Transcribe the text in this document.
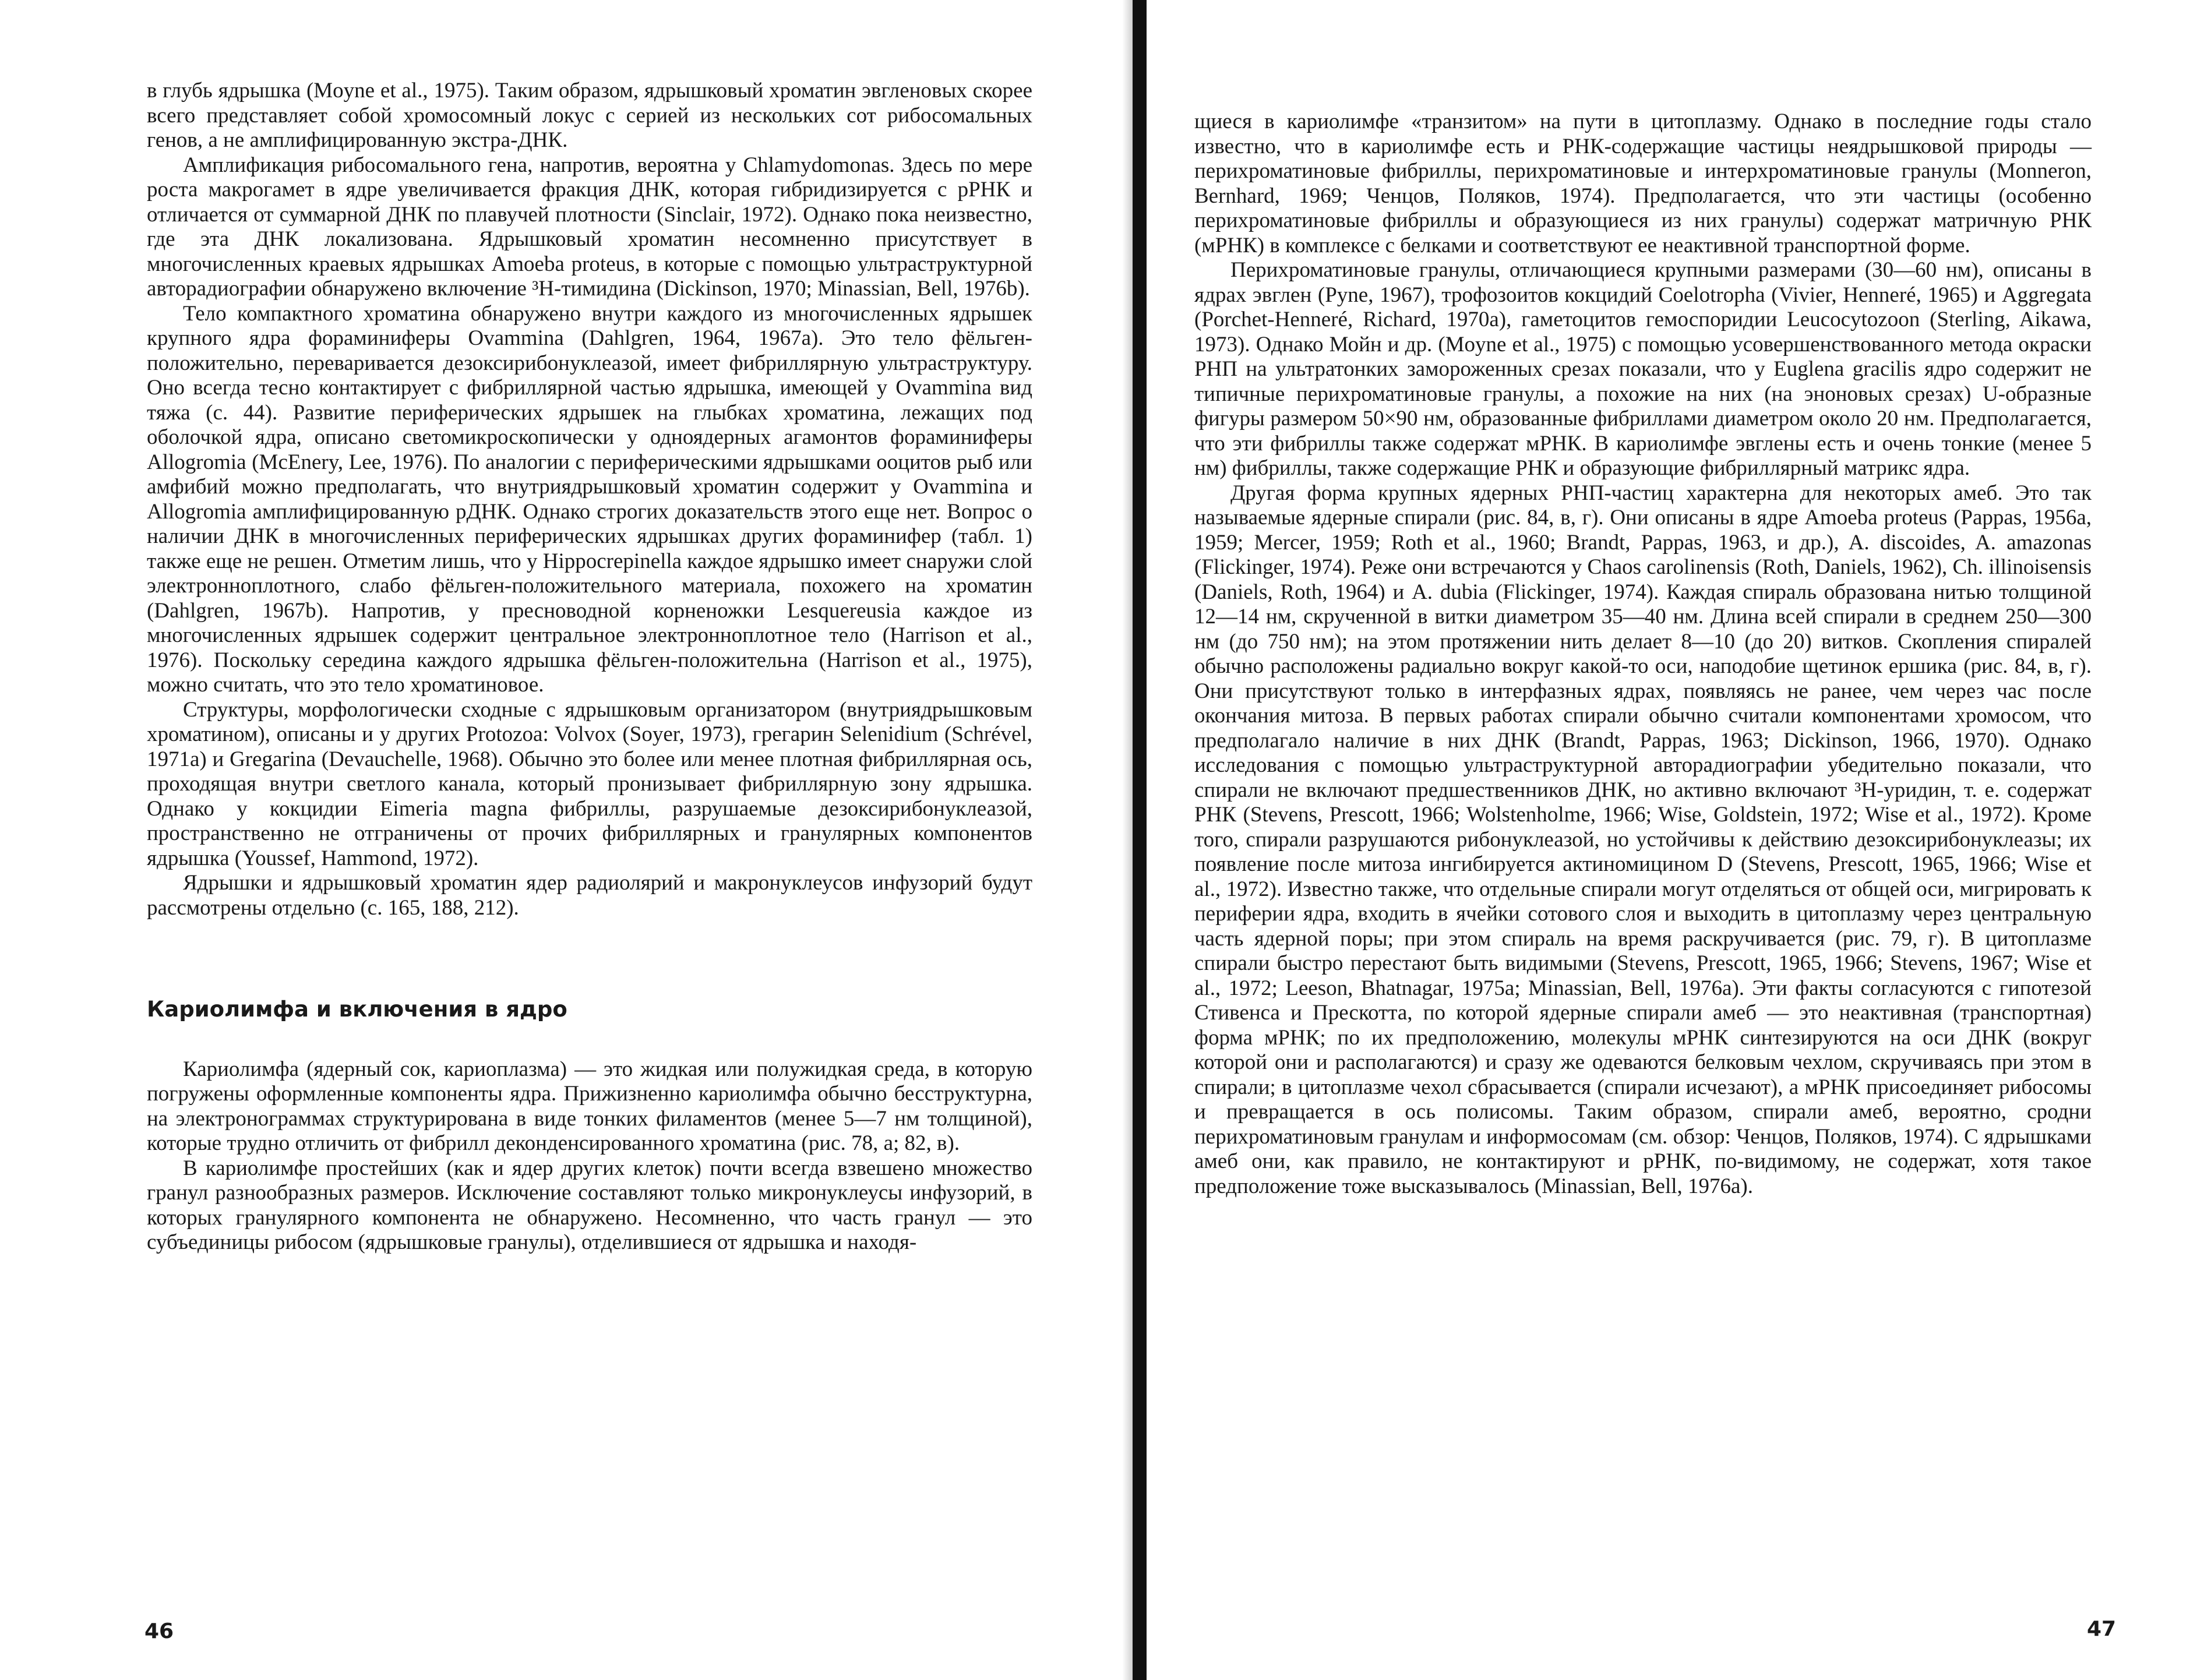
в глубь ядрышка (Moyne et al., 1975). Таким образом, ядрышковый хроматин эвгленовых скорее всего представляет собой хромосомный локус с серией из нескольких сот рибосомальных генов, а не амплифицированную экстра-ДНК.

Амплификация рибосомального гена, напротив, вероятна у Chlamydomonas. Здесь по мере роста макрогамет в ядре увеличивается фракция ДНК, которая гибридизируется с рРНК и отличается от суммарной ДНК по плавучей плотности (Sinclair, 1972). Однако пока неизвестно, где эта ДНК локализована. Ядрышковый хроматин несомненно присутствует в многочисленных краевых ядрышках Amoeba proteus, в которые с помощью ультраструктурной авторадиографии обнаружено включение ³H-тимидина (Dickinson, 1970; Minassian, Bell, 1976b).

Тело компактного хроматина обнаружено внутри каждого из многочисленных ядрышек крупного ядра фораминиферы Ovammina (Dahlgren, 1964, 1967a). Это тело фёльген-положительно, переваривается дезоксирибонуклеазой, имеет фибриллярную ультраструктуру. Оно всегда тесно контактирует с фибриллярной частью ядрышка, имеющей у Ovammina вид тяжа (с. 44). Развитие периферических ядрышек на глыбках хроматина, лежащих под оболочкой ядра, описано светомикроскопически у одноядерных агамонтов фораминиферы Allogromia (McEnery, Lee, 1976). По аналогии с периферическими ядрышками ооцитов рыб или амфибий можно предполагать, что внутриядрышковый хроматин содержит у Ovammina и Allogromia амплифицированную рДНК. Однако строгих доказательств этого еще нет. Вопрос о наличии ДНК в многочисленных периферических ядрышках других фораминифер (табл. 1) также еще не решен. Отметим лишь, что у Hippocrepinella каждое ядрышко имеет снаружи слой электронноплотного, слабо фёльген-положительного материала, похожего на хроматин (Dahlgren, 1967b). Напротив, у пресноводной корненожки Lesquereusia каждое из многочисленных ядрышек содержит центральное электронноплотное тело (Harrison et al., 1976). Поскольку середина каждого ядрышка фёльген-положительна (Harrison et al., 1975), можно считать, что это тело хроматиновое.

Структуры, морфологически сходные с ядрышковым организатором (внутриядрышковым хроматином), описаны и у других Protozoa: Volvox (Soyer, 1973), грегарин Selenidium (Schrével, 1971a) и Gregarina (Devauchelle, 1968). Обычно это более или менее плотная фибриллярная ось, проходящая внутри светлого канала, который пронизывает фибриллярную зону ядрышка. Однако у кокцидии Eimeria magna фибриллы, разрушаемые дезоксирибонуклеазой, пространственно не отграничены от прочих фибриллярных и гранулярных компонентов ядрышка (Youssef, Hammond, 1972).

Ядрышки и ядрышковый хроматин ядер радиолярий и макронуклеусов инфузорий будут рассмотрены отдельно (с. 165, 188, 212).

Кариолимфа и включения в ядро

Кариолимфа (ядерный сок, кариоплазма) — это жидкая или полужидкая среда, в которую погружены оформленные компоненты ядра. Прижизненно кариолимфа обычно бесструктурна, на электронограммах структурирована в виде тонких филаментов (менее 5—7 нм толщиной), которые трудно отличить от фибрилл деконденсированного хроматина (рис. 78, а; 82, в).

В кариолимфе простейших (как и ядер других клеток) почти всегда взвешено множество гранул разнообразных размеров. Исключение составляют только микронуклеусы инфузорий, в которых гранулярного компонента не обнаружено. Несомненно, что часть гранул — это субъединицы рибосом (ядрышковые гранулы), отделившиеся от ядрышка и находя-

46

щиеся в кариолимфе «транзитом» на пути в цитоплазму. Однако в последние годы стало известно, что в кариолимфе есть и РНК-содержащие частицы неядрышковой природы — перихроматиновые фибриллы, перихроматиновые и интерхроматиновые гранулы (Monneron, Bernhard, 1969; Ченцов, Поляков, 1974). Предполагается, что эти частицы (особенно перихроматиновые фибриллы и образующиеся из них гранулы) содержат матричную РНК (мРНК) в комплексе с белками и соответствуют ее неактивной транспортной форме.

Перихроматиновые гранулы, отличающиеся крупными размерами (30—60 нм), описаны в ядрах эвглен (Pyne, 1967), трофозоитов кокцидий Coelotropha (Vivier, Henneré, 1965) и Aggregata (Porchet-Henneré, Richard, 1970a), гаметоцитов гемоспоридии Leucocytozoon (Sterling, Aikawa, 1973). Однако Мойн и др. (Moyne et al., 1975) с помощью усовершенствованного метода окраски РНП на ультратонких замороженных срезах показали, что у Euglena gracilis ядро содержит не типичные перихроматиновые гранулы, а похожие на них (на эноновых срезах) U-образные фигуры размером 50×90 нм, образованные фибриллами диаметром около 20 нм. Предполагается, что эти фибриллы также содержат мРНК. В кариолимфе эвглены есть и очень тонкие (менее 5 нм) фибриллы, также содержащие РНК и образующие фибриллярный матрикс ядра.

Другая форма крупных ядерных РНП-частиц характерна для некоторых амеб. Это так называемые ядерные спирали (рис. 84, в, г). Они описаны в ядре Amoeba proteus (Pappas, 1956a, 1959; Mercer, 1959; Roth et al., 1960; Brandt, Pappas, 1963, и др.), A. discoides, A. amazonas (Flickinger, 1974). Реже они встречаются у Chaos carolinensis (Roth, Daniels, 1962), Ch. illinoisensis (Daniels, Roth, 1964) и A. dubia (Flickinger, 1974). Каждая спираль образована нитью толщиной 12—14 нм, скрученной в витки диаметром 35—40 нм. Длина всей спирали в среднем 250—300 нм (до 750 нм); на этом протяжении нить делает 8—10 (до 20) витков. Скопления спиралей обычно расположены радиально вокруг какой-то оси, наподобие щетинок ершика (рис. 84, в, г). Они присутствуют только в интерфазных ядрах, появляясь не ранее, чем через час после окончания митоза. В первых работах спирали обычно считали компонентами хромосом, что предполагало наличие в них ДНК (Brandt, Pappas, 1963; Dickinson, 1966, 1970). Однако исследования с помощью ультраструктурной авторадиографии убедительно показали, что спирали не включают предшественников ДНК, но активно включают ³H-уридин, т. е. содержат РНК (Stevens, Prescott, 1966; Wolstenholme, 1966; Wise, Goldstein, 1972; Wise et al., 1972). Кроме того, спирали разрушаются рибонуклеазой, но устойчивы к действию дезоксирибонуклеазы; их появление после митоза ингибируется актиномицином D (Stevens, Prescott, 1965, 1966; Wise et al., 1972). Известно также, что отдельные спирали могут отделяться от общей оси, мигрировать к периферии ядра, входить в ячейки сотового слоя и выходить в цитоплазму через центральную часть ядерной поры; при этом спираль на время раскручивается (рис. 79, г). В цитоплазме спирали быстро перестают быть видимыми (Stevens, Prescott, 1965, 1966; Stevens, 1967; Wise et al., 1972; Leeson, Bhatnagar, 1975a; Minassian, Bell, 1976a). Эти факты согласуются с гипотезой Стивенса и Прескотта, по которой ядерные спирали амеб — это неактивная (транспортная) форма мРНК; по их предположению, молекулы мРНК синтезируются на оси ДНК (вокруг которой они и располагаются) и сразу же одеваются белковым чехлом, скручиваясь при этом в спирали; в цитоплазме чехол сбрасывается (спирали исчезают), а мРНК присоединяет рибосомы и превращается в ось полисомы. Таким образом, спирали амеб, вероятно, сродни перихроматиновым гранулам и информосомам (см. обзор: Ченцов, Поляков, 1974). С ядрышками амеб они, как правило, не контактируют и рРНК, по-видимому, не содержат, хотя такое предположение тоже высказывалось (Minassian, Bell, 1976a).

47
